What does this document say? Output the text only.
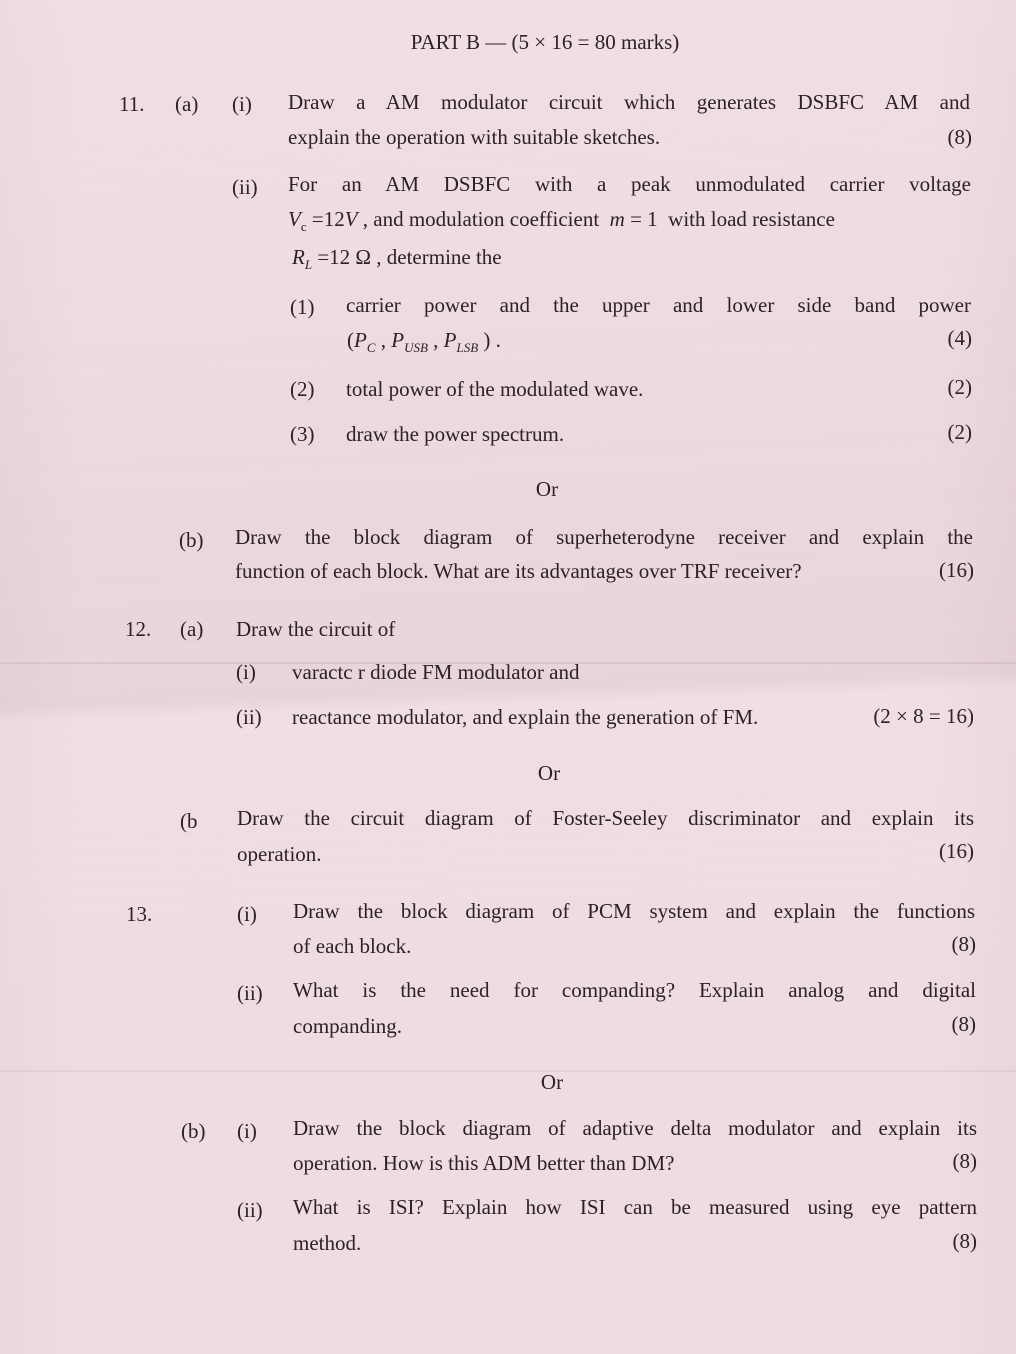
PART B — (5 × 16 = 80 marks)
11. (a) (i) Draw a AM modulator circuit which generates DSBFC AM and
explain the operation with suitable sketches.	(8)
(ii) For an AM DSBFC with a peak unmodulated carrier voltage
$V_c =12V$ , and modulation coefficient  m = 1  with load resistance
$R_L =12$ Ω , determine the
(1) carrier power and the upper and lower side band power
($P_C$ , $P_{USB}$ , $P_{LSB}$ ) .	(4)
(2) total power of the modulated wave.	(2)
(3) draw the power spectrum.	(2)
Or
(b) Draw the block diagram of superheterodyne receiver and explain the
function of each block. What are its advantages over TRF receiver?	(16)
12. (a) Draw the circuit of
(i) varactc r diode FM modulator and
(ii) reactance modulator, and explain the generation of FM.	(2 × 8 = 16)
Or
(b Draw the circuit diagram of Foster-Seeley discriminator and explain its
operation.	(16)
13.	(i) Draw the block diagram of PCM system and explain the functions
of each block.	(8)
(ii) What is the need for companding? Explain analog and digital
companding.	(8)
Or
(b) (i) Draw the block diagram of adaptive delta modulator and explain its
operation. How is this ADM better than DM?	(8)
(ii) What is ISI? Explain how ISI can be measured using eye pattern
method.	(8)
